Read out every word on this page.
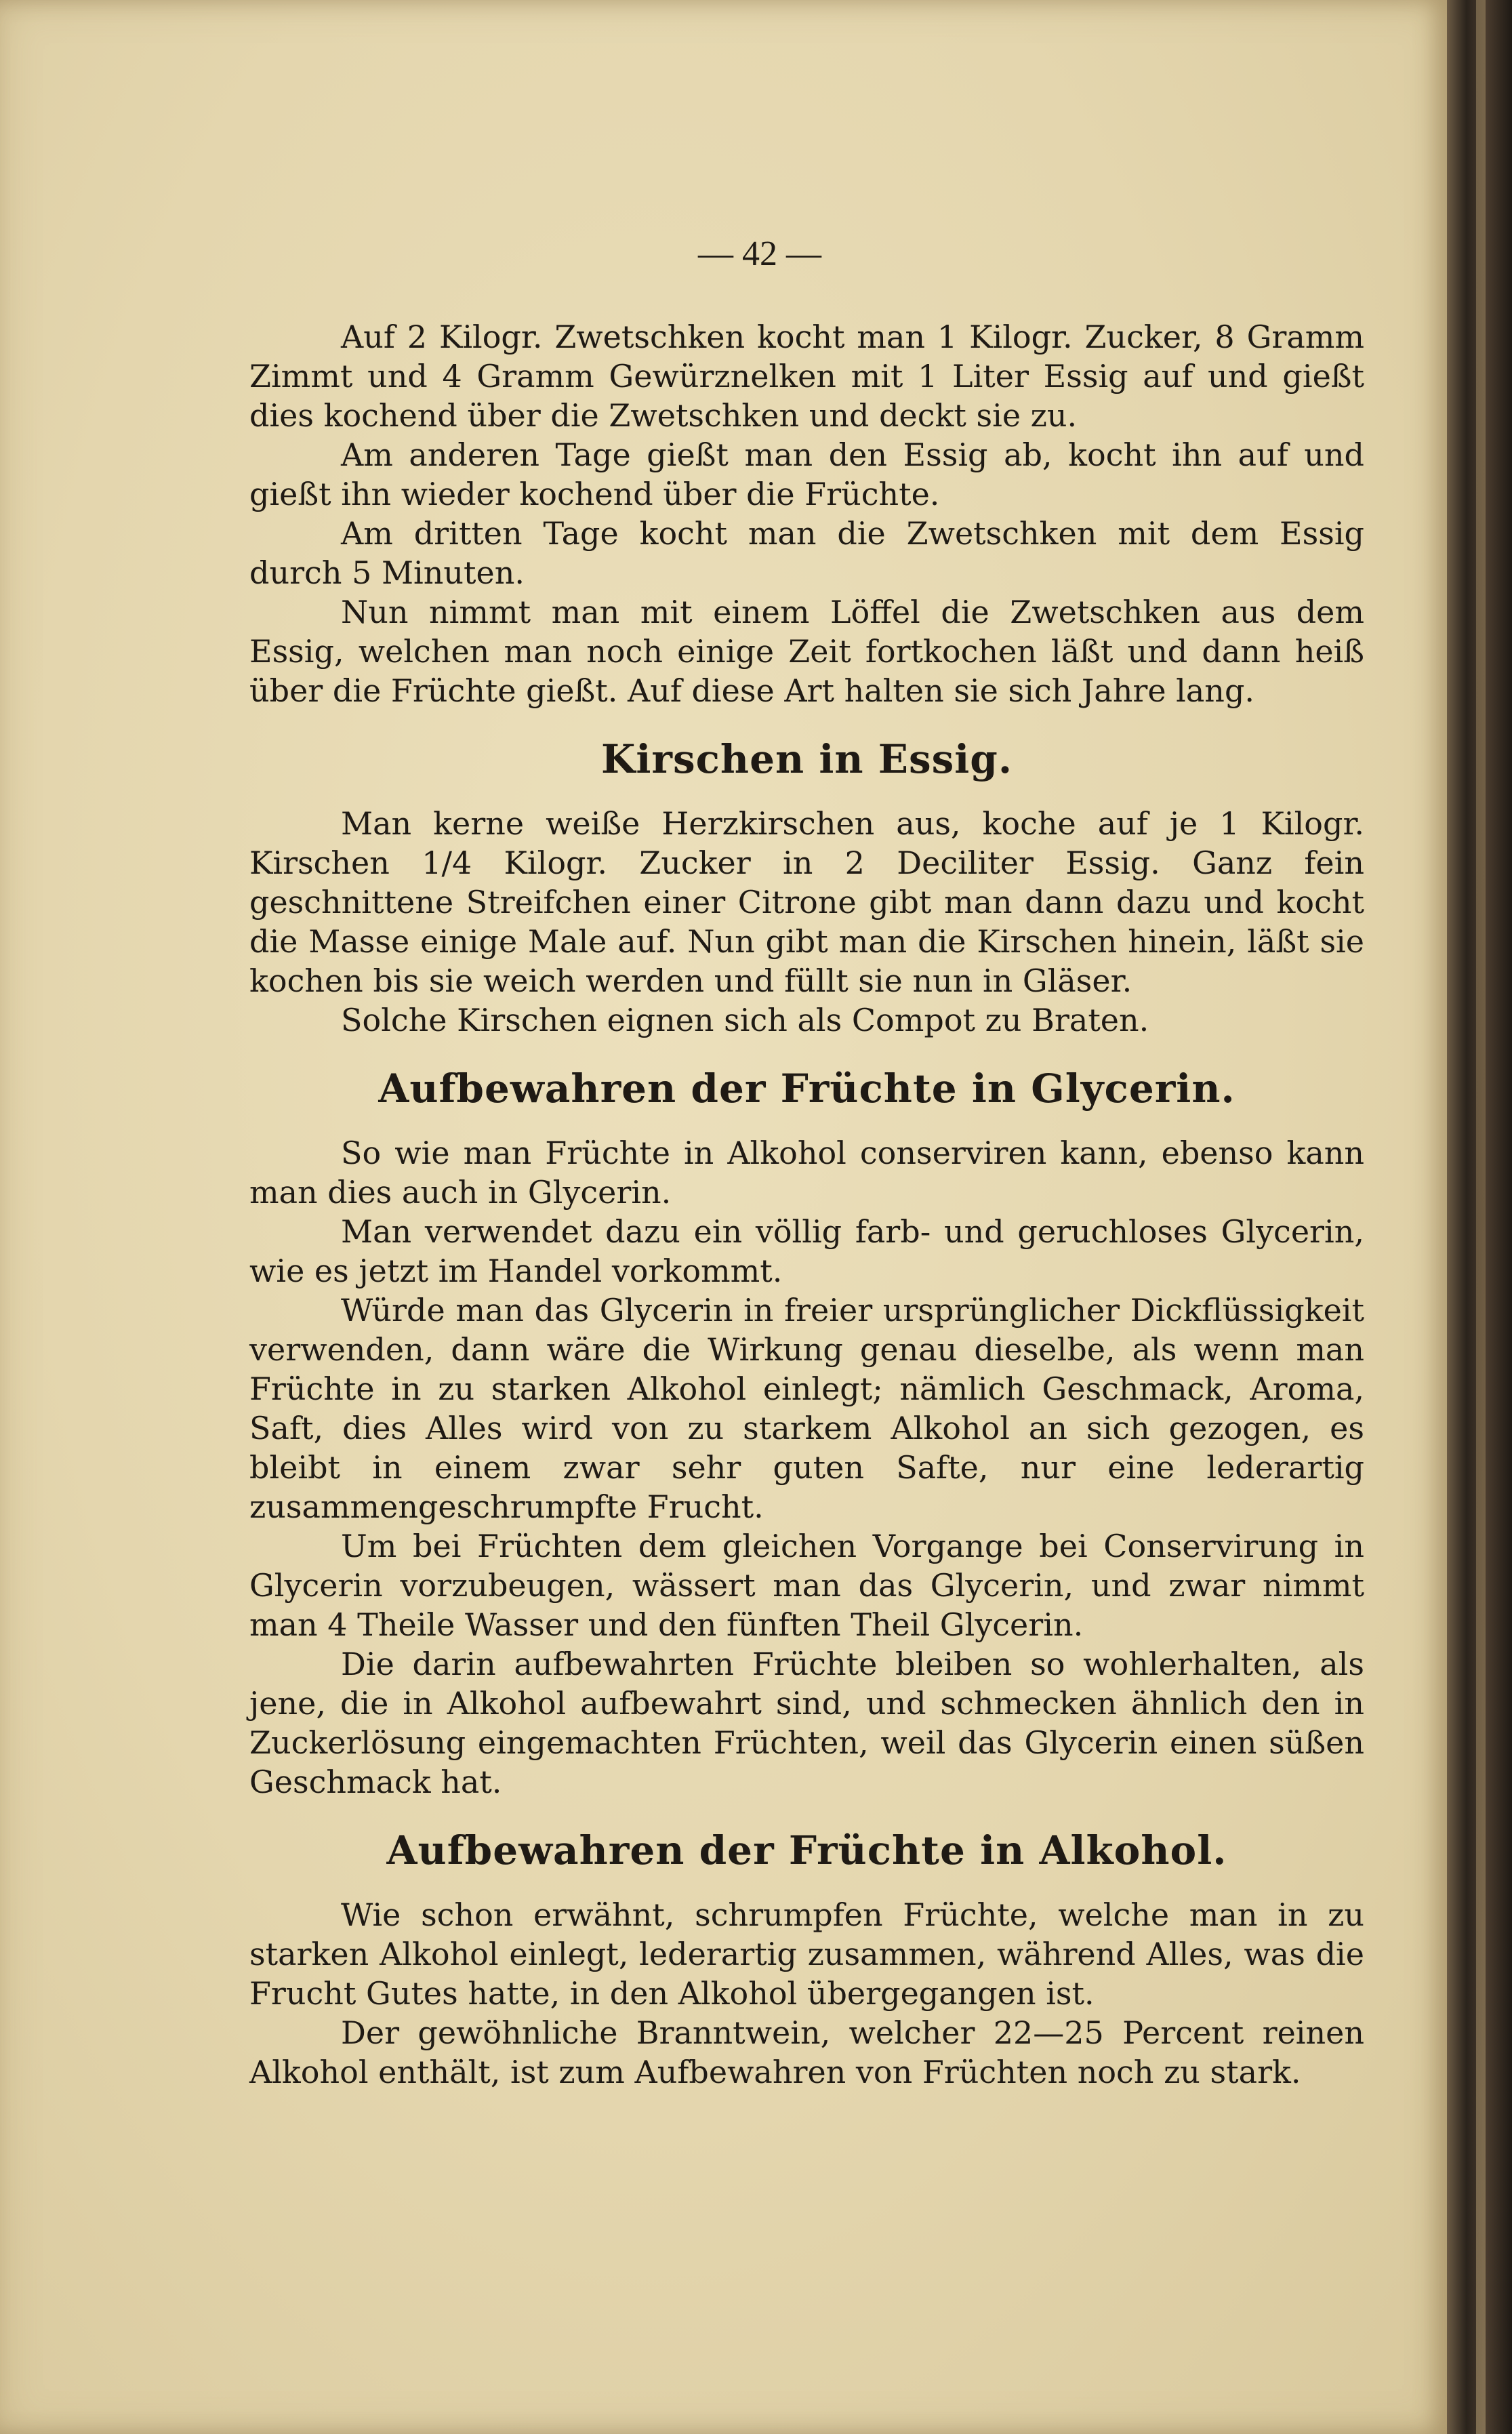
— 42 —

Auf 2 Kilogr. Zwetschken kocht man 1 Kilogr. Zucker, 8 Gramm Zimmt und 4 Gramm Gewürznelken mit 1 Liter Essig auf und gießt dies kochend über die Zwetschken und deckt sie zu.

Am anderen Tage gießt man den Essig ab, kocht ihn auf und gießt ihn wieder kochend über die Früchte.

Am dritten Tage kocht man die Zwetschken mit dem Essig durch 5 Minuten.

Nun nimmt man mit einem Löffel die Zwetschken aus dem Essig, welchen man noch einige Zeit fortkochen läßt und dann heiß über die Früchte gießt. Auf diese Art halten sie sich Jahre lang.

Kirschen in Essig.

Man kerne weiße Herzkirschen aus, koche auf je 1 Kilogr. Kirschen 1/4 Kilogr. Zucker in 2 Deciliter Essig. Ganz fein geschnittene Streifchen einer Citrone gibt man dann dazu und kocht die Masse einige Male auf. Nun gibt man die Kirschen hinein, läßt sie kochen bis sie weich werden und füllt sie nun in Gläser.

Solche Kirschen eignen sich als Compot zu Braten.

Aufbewahren der Früchte in Glycerin.

So wie man Früchte in Alkohol conserviren kann, ebenso kann man dies auch in Glycerin.

Man verwendet dazu ein völlig farb- und geruchloses Glycerin, wie es jetzt im Handel vorkommt.

Würde man das Glycerin in freier ursprünglicher Dickflüssigkeit verwenden, dann wäre die Wirkung genau dieselbe, als wenn man Früchte in zu starken Alkohol einlegt; nämlich Geschmack, Aroma, Saft, dies Alles wird von zu starkem Alkohol an sich gezogen, es bleibt in einem zwar sehr guten Safte, nur eine lederartig zusammengeschrumpfte Frucht.

Um bei Früchten dem gleichen Vorgange bei Conservirung in Glycerin vorzubeugen, wässert man das Glycerin, und zwar nimmt man 4 Theile Wasser und den fünften Theil Glycerin.

Die darin aufbewahrten Früchte bleiben so wohlerhalten, als jene, die in Alkohol aufbewahrt sind, und schmecken ähnlich den in Zuckerlösung eingemachten Früchten, weil das Glycerin einen süßen Geschmack hat.

Aufbewahren der Früchte in Alkohol.

Wie schon erwähnt, schrumpfen Früchte, welche man in zu starken Alkohol einlegt, lederartig zusammen, während Alles, was die Frucht Gutes hatte, in den Alkohol übergegangen ist.

Der gewöhnliche Branntwein, welcher 22—25 Percent reinen Alkohol enthält, ist zum Aufbewahren von Früchten noch zu stark.
